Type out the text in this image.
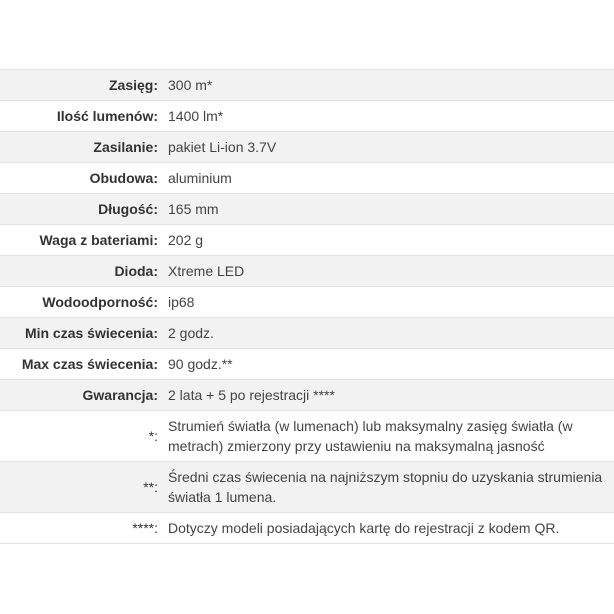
Zasięg:	300 m*
Ilość lumenów:	1400 lm*
Zasilanie:	pakiet Li-ion 3.7V
Obudowa:	aluminium
Długość:	165 mm
Waga z bateriami:	202 g
Dioda:	Xtreme LED
Wodoodporność:	ip68
Min czas świecenia:	2 godz.
Max czas świecenia:	90 godz.**
Gwarancja:	2 lata + 5 po rejestracji ****
*:	Strumień światła (w lumenach) lub maksymalny zasięg światła (w metrach) zmierzony przy ustawieniu na maksymalną jasność
**:	Średni czas świecenia na najniższym stopniu do uzyskania strumienia światła 1 lumena.
****:	Dotyczy modeli posiadających kartę do rejestracji z kodem QR.
